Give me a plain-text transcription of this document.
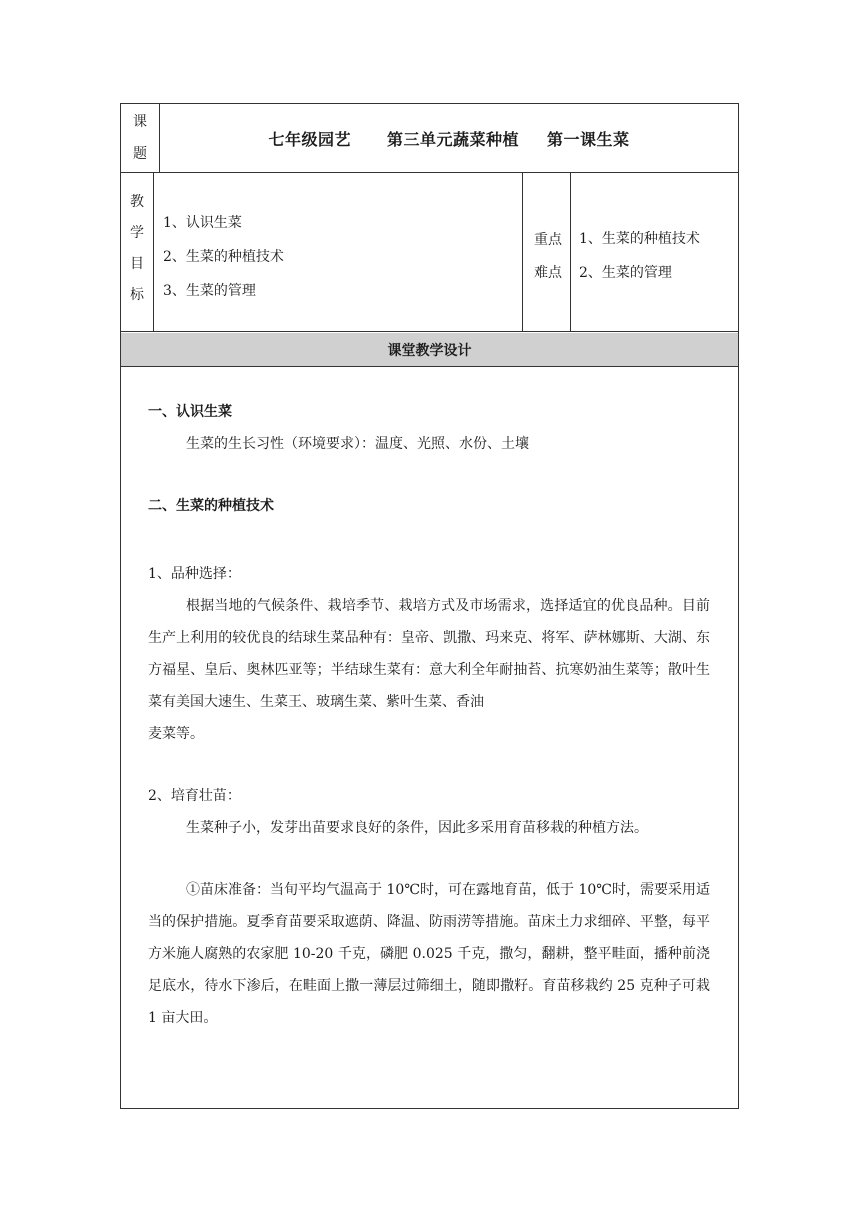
课
题
七年级园艺 第三单元蔬菜种植 第一课生菜
教
学
目
标
1、认识生菜
2、生菜的种植技术
3、生菜的管理
重点
难点
1、生菜的种植技术
2、生菜的管理
课堂教学设计
一、认识生菜
生菜的生长习性（环境要求）：温度、光照、水份、土壤
二、生菜的种植技术
1、品种选择：
根据当地的气候条件、栽培季节、栽培方式及市场需求，选择适宜的优良品种。目前生产上利用的较优良的结球生菜品种有：皇帝、凯撒、玛来克、将军、萨林娜斯、大湖、东方福星、皇后、奥林匹亚等；半结球生菜有：意大利全年耐抽苔、抗寒奶油生菜等；散叶生菜有美国大速生、生菜王、玻璃生菜、紫叶生菜、香油
麦菜等。
2、培育壮苗：
生菜种子小，发芽出苗要求良好的条件，因此多采用育苗移栽的种植方法。
①苗床准备：当旬平均气温高于 10℃时，可在露地育苗，低于 10℃时，需要采用适当的保护措施。夏季育苗要采取遮荫、降温、防雨涝等措施。苗床土力求细碎、平整，每平方米施人腐熟的农家肥 10-20 千克，磷肥 0.025 千克，撒匀，翻耕，整平畦面，播种前浇足底水，待水下渗后，在畦面上撒一薄层过筛细土，随即撒籽。育苗移栽约 25 克种子可栽 1 亩大田。
